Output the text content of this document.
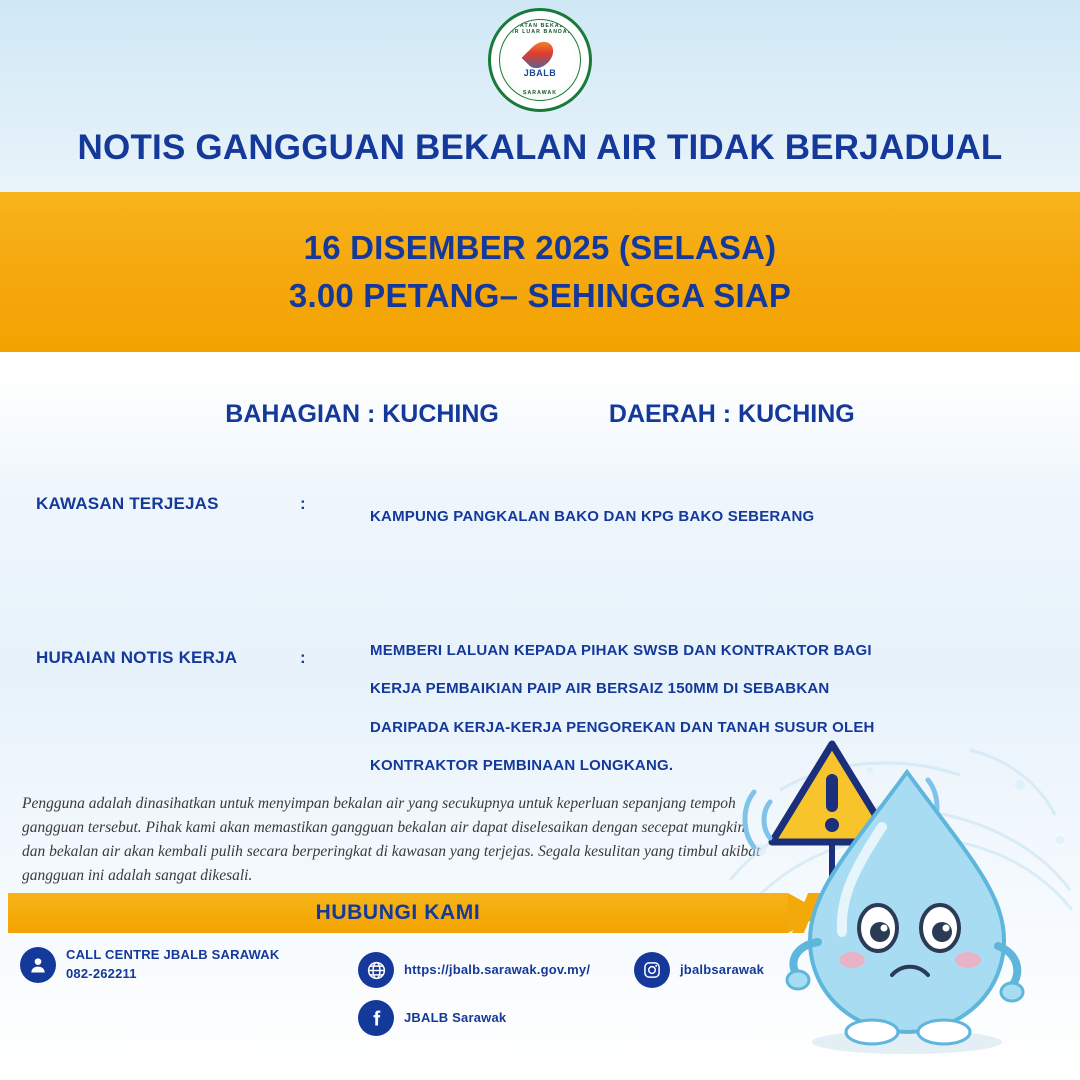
JABATAN BEKALAN AIR LUAR BANDAR
JBALB
SARAWAK
NOTIS GANGGUAN BEKALAN AIR TIDAK BERJADUAL
16 DISEMBER 2025 (SELASA)
3.00 PETANG– SEHINGGA SIAP
BAHAGIAN : KUCHING	DAERAH : KUCHING
KAWASAN TERJEJAS	:
KAMPUNG PANGKALAN BAKO DAN KPG BAKO SEBERANG
HURAIAN NOTIS KERJA	:	MEMBERI LALUAN KEPADA PIHAK SWSB DAN KONTRAKTOR BAGI
KERJA PEMBAIKIAN PAIP AIR BERSAIZ 150MM DI SEBABKAN
DARIPADA KERJA-KERJA PENGOREKAN DAN TANAH SUSUR OLEH
KONTRAKTOR PEMBINAAN LONGKANG.
Pengguna adalah dinasihatkan untuk menyimpan bekalan air yang secukupnya untuk keperluan sepanjang tempoh gangguan tersebut. Pihak kami akan memastikan gangguan bekalan air dapat diselesaikan dengan secepat mungkin dan bekalan air akan kembali pulih secara berperingkat di kawasan yang terjejas. Segala kesulitan yang timbul akibat gangguan ini adalah sangat dikesali.
HUBUNGI KAMI
CALL CENTRE JBALB SARAWAK
082-262211	https://jbalb.sarawak.gov.my/	jbalbsarawak
JBALB Sarawak
